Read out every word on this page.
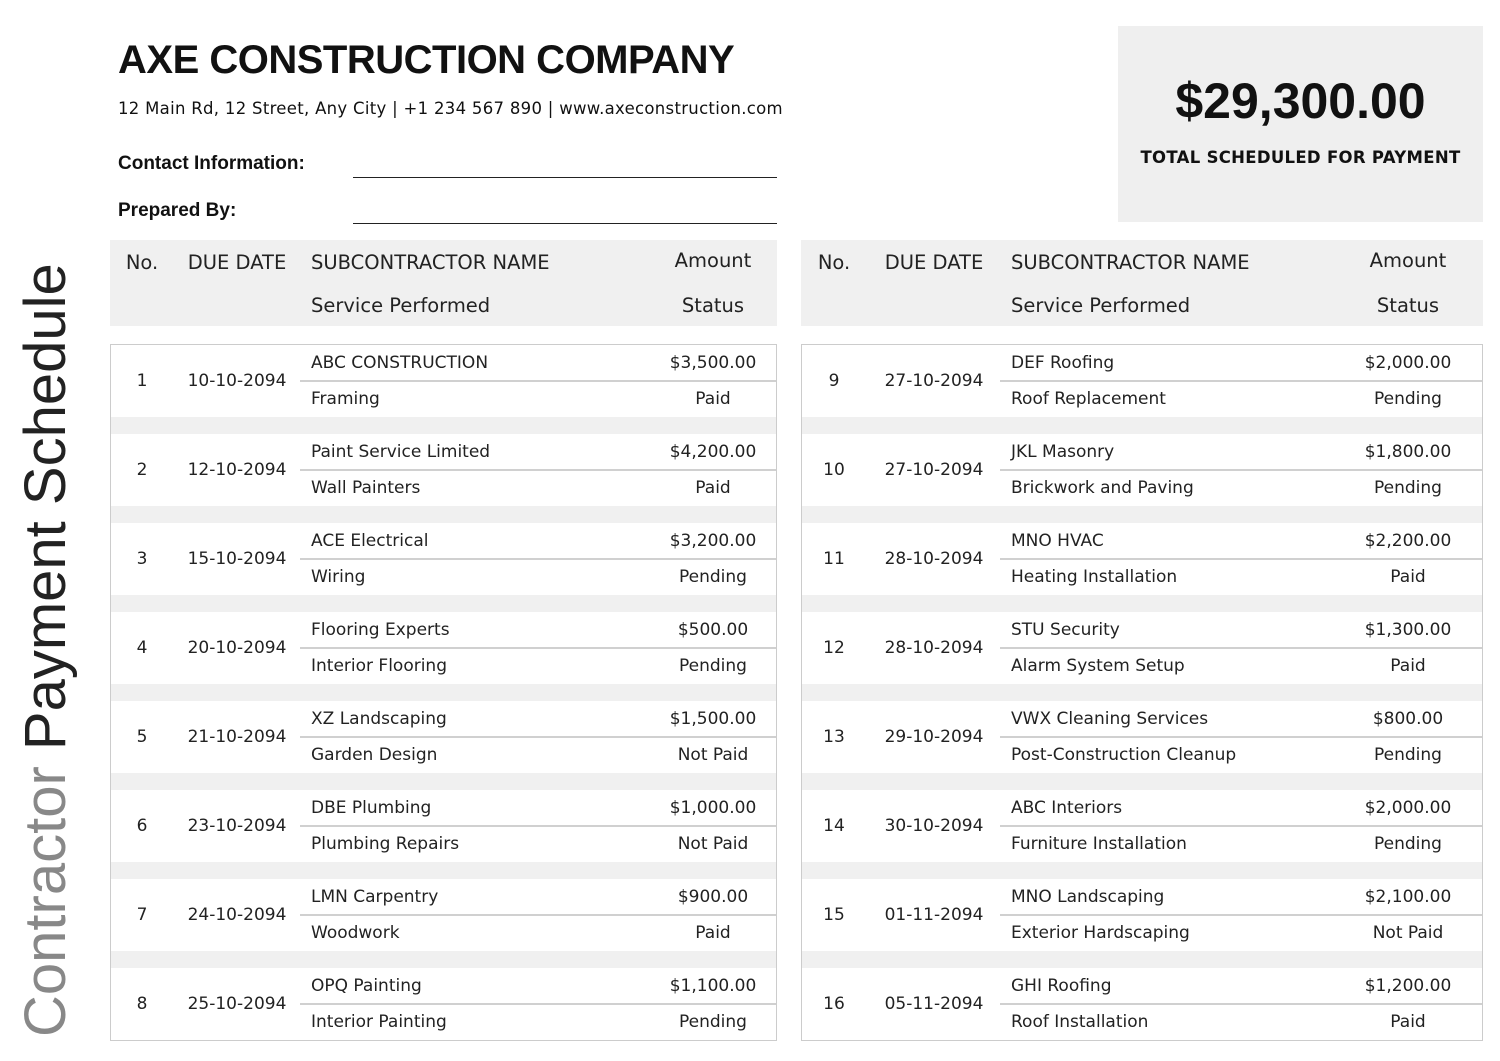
AXE CONSTRUCTION COMPANY
12 Main Rd, 12 Street, Any City | +1 234 567 890 | www.axeconstruction.com
Contact Information:
Prepared By:
$29,300.00
TOTAL SCHEDULED FOR PAYMENT
Contractor Payment Schedule
No. DUE DATE SUBCONTRACTOR NAME	Amount
Service Performed	Status
1 10-10-2094
ABC CONSTRUCTION	$3,500.00
Framing	Paid
2 12-10-2094
Paint Service Limited	$4,200.00
Wall Painters	Paid
3 15-10-2094
ACE Electrical	$3,200.00
Wiring	Pending
4 20-10-2094
Flooring Experts	$500.00
Interior Flooring	Pending
5 21-10-2094
XZ Landscaping	$1,500.00
Garden Design	Not Paid
6 23-10-2094
DBE Plumbing	$1,000.00
Plumbing Repairs	Not Paid
7 24-10-2094
LMN Carpentry	$900.00
Woodwork	Paid
8 25-10-2094
OPQ Painting	$1,100.00
Interior Painting	Pending
No. DUE DATE SUBCONTRACTOR NAME	Amount
Service Performed	Status
9	27-10-2094
DEF Roofing	$2,000.00
Roof Replacement	Pending
10 27-10-2094
JKL Masonry	$1,800.00
Brickwork and Paving	Pending
11 28-10-2094
MNO HVAC	$2,200.00
Heating Installation	Paid
12 28-10-2094
STU Security	$1,300.00
Alarm System Setup	Paid
13 29-10-2094
VWX Cleaning Services	$800.00
Post-Construction Cleanup	Pending
14 30-10-2094
ABC Interiors	$2,000.00
Furniture Installation	Pending
15 01-11-2094
MNO Landscaping	$2,100.00
Exterior Hardscaping	Not Paid
16 05-11-2094
GHI Roofing	$1,200.00
Roof Installation	Paid
